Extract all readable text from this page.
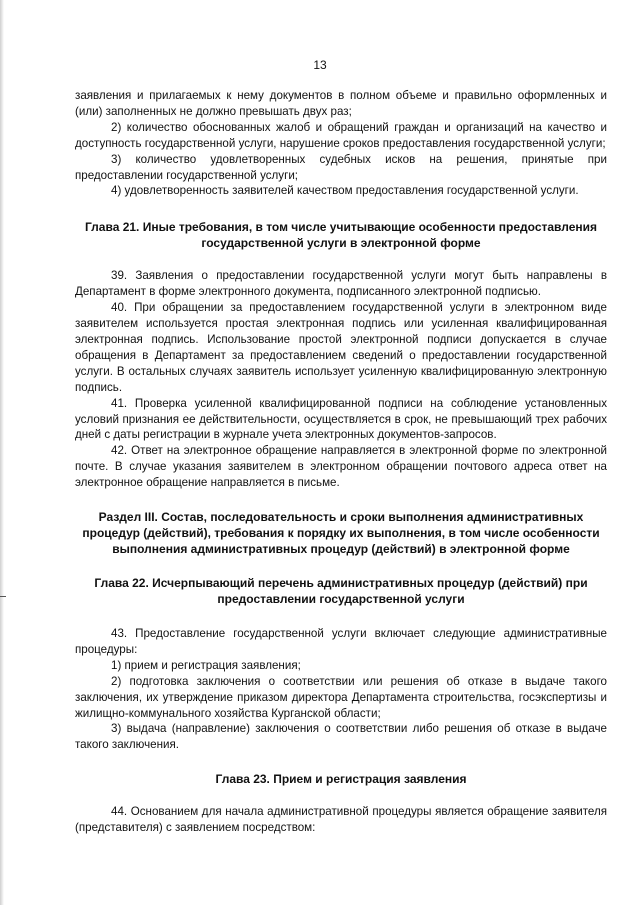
13

заявления и прилагаемых к нему документов в полном объеме и правильно оформленных и (или) заполненных не должно превышать двух раз;

2) количество обоснованных жалоб и обращений граждан и организаций на качество и доступность государственной услуги, нарушение сроков предоставления государственной услуги;

3) количество удовлетворенных судебных исков на решения, принятые при предоставлении государственной услуги;

4) удовлетворенность заявителей качеством предоставления государственной услуги.

Глава 21. Иные требования, в том числе учитывающие особенности предоставления государственной услуги в электронной форме

39. Заявления о предоставлении государственной услуги могут быть направлены в Департамент в форме электронного документа, подписанного электронной подписью.

40. При обращении за предоставлением государственной услуги в электронном виде заявителем используется простая электронная подпись или усиленная квалифицированная электронная подпись. Использование простой электронной подписи допускается в случае обращения в Департамент за предоставлением сведений о предоставлении государственной услуги. В остальных случаях заявитель использует усиленную квалифицированную электронную подпись.

41. Проверка усиленной квалифицированной подписи на соблюдение установленных условий признания ее действительности, осуществляется в срок, не превышающий трех рабочих дней с даты регистрации в журнале учета электронных документов-запросов.

42. Ответ на электронное обращение направляется в электронной форме по электронной почте. В случае указания заявителем в электронном обращении почтового адреса ответ на электронное обращение направляется в письме.

Раздел III. Состав, последовательность и сроки выполнения административных процедур (действий), требования к порядку их выполнения, в том числе особенности выполнения административных процедур (действий) в электронной форме
Глава 22. Исчерпывающий перечень административных процедур (действий) при предоставлении государственной услуги

43. Предоставление государственной услуги включает следующие административные процедуры:

1) прием и регистрация заявления;

2) подготовка заключения о соответствии или решения об отказе в выдаче такого заключения, их утверждение приказом директора Департамента строительства, госэкспертизы и жилищно-коммунального хозяйства Курганской области;

3) выдача (направление) заключения о соответствии либо решения об отказе в выдаче такого заключения.

Глава 23. Прием и регистрация заявления

44. Основанием для начала административной процедуры является обращение заявителя (представителя) с заявлением посредством:
